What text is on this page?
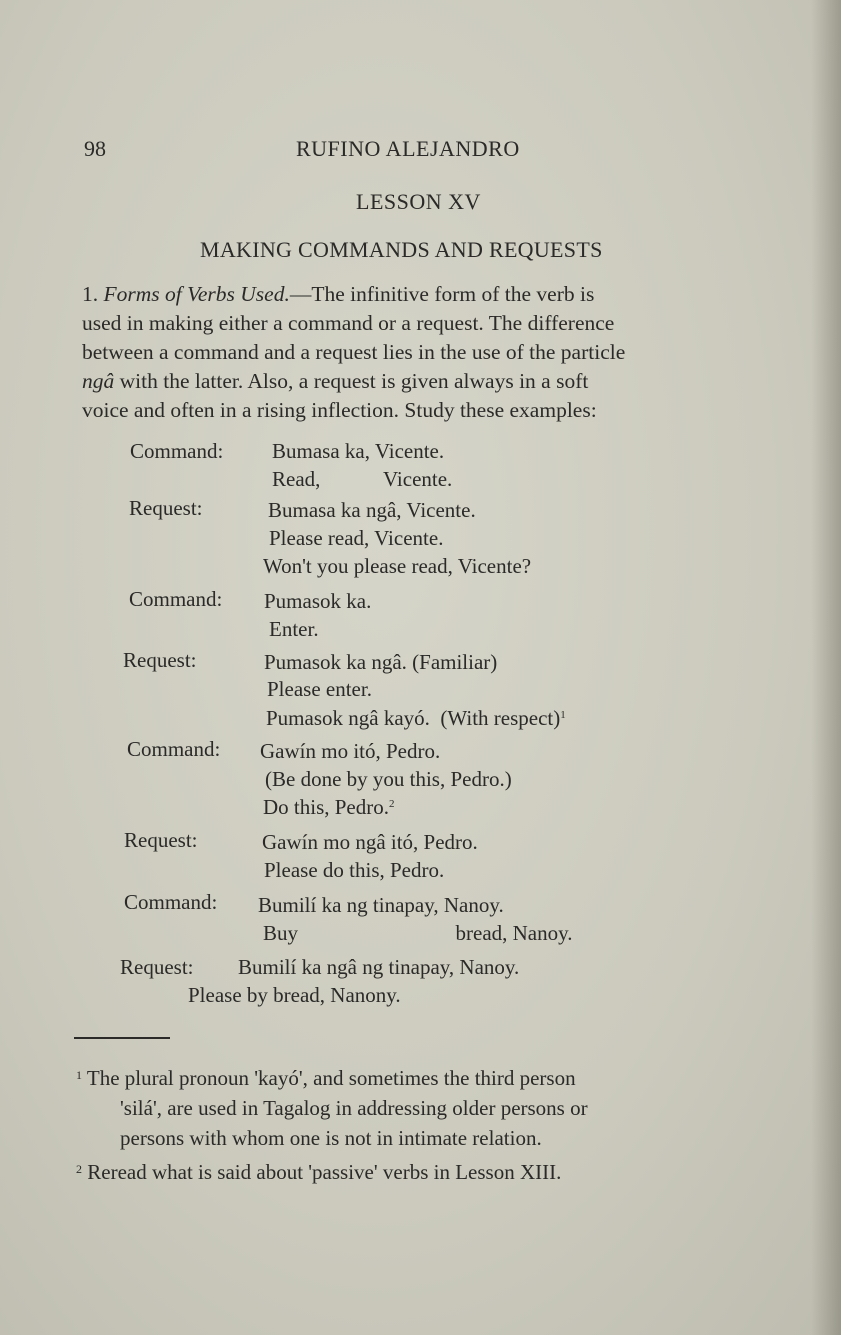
98	RUFINO ALEJANDRO
LESSON XV
MAKING COMMANDS AND REQUESTS
1. Forms of Verbs Used.—The infinitive form of the verb is
used in making either a command or a request. The difference
between a command and a request lies in the use of the particle
ngâ with the latter. Also, a request is given always in a soft
voice and often in a rising inflection. Study these examples:
Command: Bumasa ka, Vicente.
Read,            Vicente.
Request:	Bumasa ka ngâ, Vicente.
Please read, Vicente.
Won't you please read, Vicente?
Command: Pumasok ka.
Enter.
Request:	Pumasok ka ngâ. (Familiar)
Please enter.
Pumasok ngâ kayó.  (With respect)$^1$
Command: Gawín mo itó, Pedro.
(Be done by you this, Pedro.)
Do this, Pedro.$^2$
Request:	Gawín mo ngâ itó, Pedro.
Please do this, Pedro.
Command: Bumilí ka ng tinapay, Nanoy.
Buy                              bread, Nanoy.
Request: Bumilí ka ngâ ng tinapay, Nanoy.
Please by bread, Nanony.
$^1$ The plural pronoun 'kayó', and sometimes the third person
'silá', are used in Tagalog in addressing older persons or
persons with whom one is not in intimate relation.
$^2$ Reread what is said about 'passive' verbs in Lesson XIII.
